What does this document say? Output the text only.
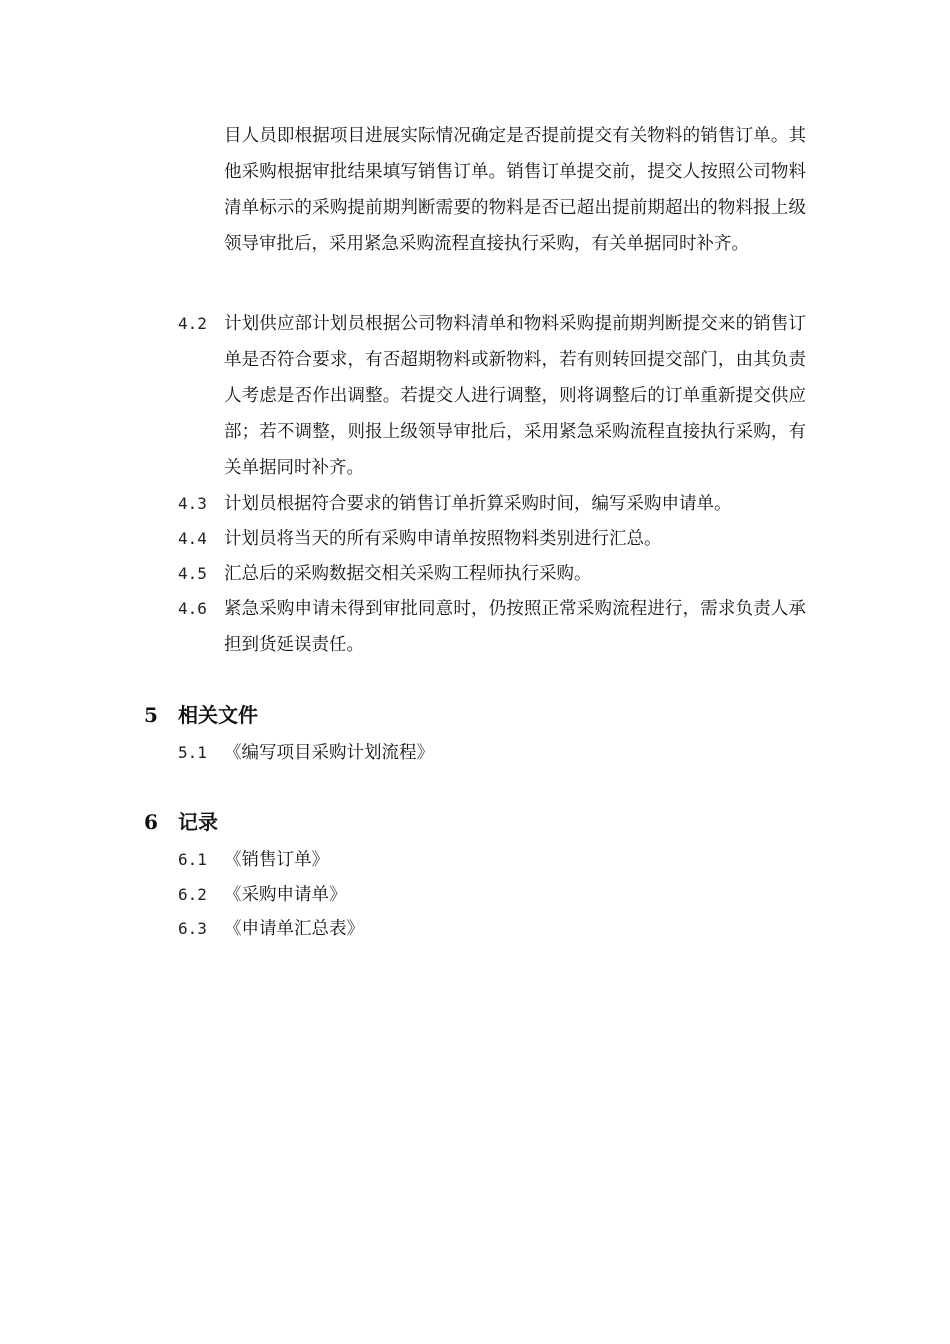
目人员即根据项目进展实际情况确定是否提前提交有关物料的销售订单。其他采购根据审批结果填写销售订单。销售订单提交前，提交人按照公司物料清单标示的采购提前期判断需要的物料是否已超出提前期超出的物料报上级领导审批后，采用紧急采购流程直接执行采购，有关单据同时补齐。
4.2 计划供应部计划员根据公司物料清单和物料采购提前期判断提交来的销售订单是否符合要求，有否超期物料或新物料，若有则转回提交部门，由其负责人考虑是否作出调整。若提交人进行调整，则将调整后的订单重新提交供应部；若不调整，则报上级领导审批后，采用紧急采购流程直接执行采购，有关单据同时补齐。
4.3 计划员根据符合要求的销售订单折算采购时间，编写采购申请单。
4.4 计划员将当天的所有采购申请单按照物料类别进行汇总。
4.5 汇总后的采购数据交相关采购工程师执行采购。
4.6 紧急采购申请未得到审批同意时，仍按照正常采购流程进行，需求负责人承担到货延误责任。
5 相关文件
5.1 《编写项目采购计划流程》
6 记录
6.1 《销售订单》
6.2 《采购申请单》
6.3 《申请单汇总表》
